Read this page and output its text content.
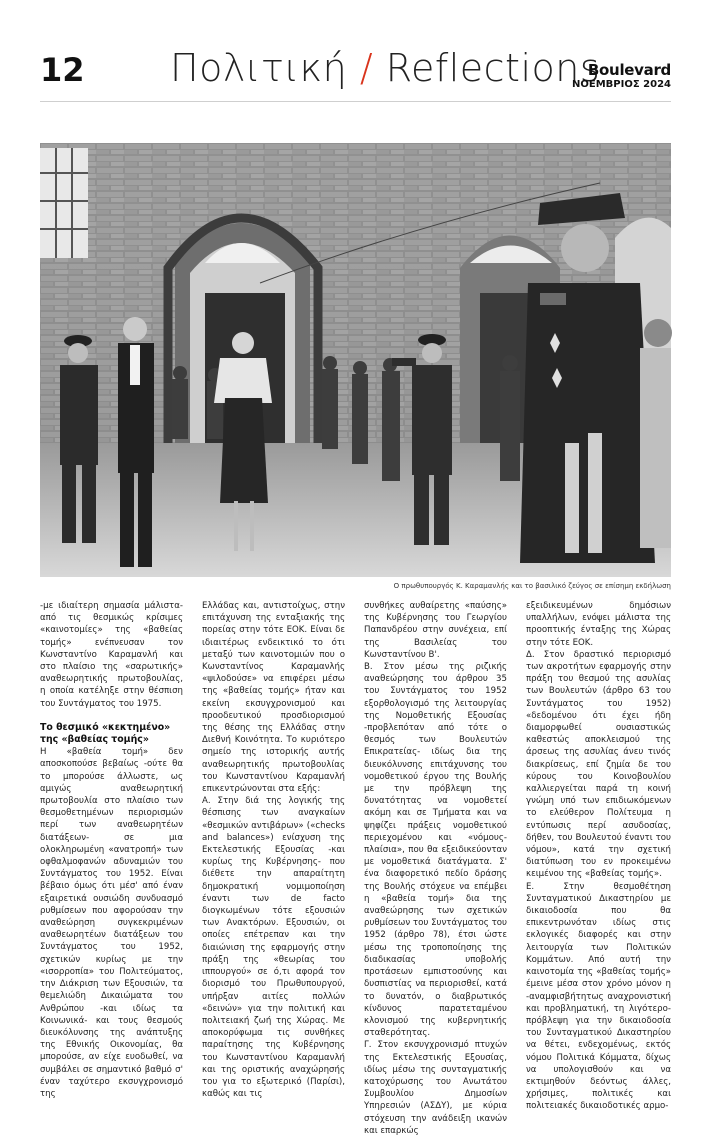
12 Πολιτική / Reflections
Boulevard
ΝΟΕΜΒΡΙΟΣ 2024
Ο πρωθυπουργός Κ. Καραμανλής και το βασιλικό ζεύγος σε επίσημη εκδήλωση

-με ιδιαίτερη σημασία μάλιστα- από τις θεσμικώς κρίσιμες «καινοτομίες» της «βαθείας τομής» ενέπνευσαν τον Κωνσταντίνο Καραμανλή και στο πλαίσιο της «σαρωτικής» αναθεωρητικής πρωτοβουλίας, η οποία κατέληξε στην θέσπιση του Συντάγματος του 1975.

Το θεσμικό «κεκτημένο» της «βαθείας τομής»

Η «βαθεία τομή» δεν αποσκοπούσε βεβαίως -ούτε θα το μπορούσε άλλωστε, ως αμιγώς αναθεωρητική πρωτοβουλία στο πλαίσιο των θεσμοθετημένων περιορισμών περί των αναθεωρητέων διατάξεων- σε μια ολοκληρωμένη «ανατροπή» των οφθαλμοφανών αδυναμιών του Συντάγματος του 1952. Είναι βέβαιο όμως ότι μέσ' από έναν εξαιρετικά ουσιώδη συνδυασμό ρυθμίσεων που αφορούσαν την αναθεώρηση συγκεκριμένων αναθεωρητέων διατάξεων του Συντάγματος του 1952, σχετικών κυρίως με την «ισορροπία» του Πολιτεύματος, την Διάκριση των Εξουσιών, τα θεμελιώδη Δικαιώματα του Ανθρώπου -και ιδίως τα Κοινωνικά- και τους θεσμούς διευκόλυνσης της ανάπτυξης της Εθνικής Οικονομίας, θα μπορούσε, αν είχε ευοδωθεί, να συμβάλει σε σημαντικό βαθμό σ' έναν ταχύτερο εκσυγχρονισμό της

Ελλάδας και, αντιστοίχως, στην επιτάχυνση της ενταξιακής της πορείας στην τότε ΕΟΚ. Είναι δε ιδιαιτέρως ενδεικτικό το ότι μεταξύ των καινοτομιών που ο Κωνσταντίνος Καραμανλής «ψιλοδούσε» να επιφέρει μέσω της «βαθείας τομής» ήταν και εκείνη εκσυγχρονισμού και προοδευτικού προσδιορισμού της θέσης της Ελλάδας στην Διεθνή Κοινότητα. Το κυριότερο σημείο της ιστορικής αυτής αναθεωρητικής πρωτοβουλίας του Κωνσταντίνου Καραμανλή επικεντρώνονται στα εξής:

Α. Στην διά της λογικής της θέσπισης των αναγκαίων «θεσμικών αντιβάρων» («checks and balances») ενίσχυση της Εκτελεστικής Εξουσίας -και κυρίως της Κυβέρνησης- που διέθετε την απαραίτητη δημοκρατική νομιμοποίηση έναντι των de facto διογκωμένων τότε εξουσιών των Ανακτόρων. Εξουσιών, οι οποίες επέτρεπαν και την διαιώνιση της εφαρμογής στην πράξη της «θεωρίας του ιππουργού» σε ό,τι αφορά τον διορισμό του Πρωθυπουργού, υπήρξαν αιτίες πολλών «δεινών» για την πολιτική και πολιτειακή ζωή της Χώρας. Με αποκορύφωμα τις συνθήκες παραίτησης της Κυβέρνησης του Κωνσταντίνου Καραμανλή και της οριστικής αναχώρησής του για το εξωτερικό (Παρίσι), καθώς και τις

συνθήκες αυθαίρετης «παύσης» της Κυβέρνησης του Γεωργίου Παπανδρέου στην συνέχεια, επί της Βασιλείας του Κωνσταντίνου Β'.

Β. Στον μέσω της ριζικής αναθεώρησης του άρθρου 35 του Συντάγματος του 1952 εξορθολογισμό της λειτουργίας της Νομοθετικής Εξουσίας -προβλεπόταν από τότε ο θεσμός των Βουλευτών Επικρατείας- ιδίως δια της διευκόλυνσης επιτάχυνσης του νομοθετικού έργου της Βουλής με την πρόβλεψη της δυνατότητας να νομοθετεί ακόμη και σε Τμήματα και να ψηφίζει πράξεις νομοθετικού περιεχομένου και «νόμους-πλαίσια», που θα εξειδικεύονταν με νομοθετικά διατάγματα. Σ' ένα διαφορετικό πεδίο δράσης της Βουλής στόχευε να επέμβει η «βαθεία τομή» δια της αναθεώρησης των σχετικών ρυθμίσεων του Συντάγματος του 1952 (άρθρο 78), έτσι ώστε μέσω της τροποποίησης της διαδικασίας υποβολής προτάσεων εμπιστοσύνης και δυσπιστίας να περιορισθεί, κατά το δυνατόν, ο διαβρωτικός κίνδυνος παρατεταμένου κλονισμού της κυβερνητικής σταθερότητας.

Γ. Στον εκσυγχρονισμό πτυχών της Εκτελεστικής Εξουσίας, ιδίως μέσω της συνταγματικής κατοχύρωσης του Ανωτάτου Συμβουλίου Δημοσίων Υπηρεσιών (ΑΣΔΥ), με κύρια στόχευση την ανάδειξη ικανών και επαρκώς

εξειδικευμένων δημόσιων υπαλλήλων, ενόψει μάλιστα της προοπτικής ένταξης της Χώρας στην τότε ΕΟΚ.

Δ. Στον δραστικό περιορισμό των ακροτήτων εφαρμογής στην πράξη του θεσμού της ασυλίας των Βουλευτών (άρθρο 63 του Συντάγματος του 1952) «δεδομένου ότι έχει ήδη διαμορφωθεί ουσιαστικώς καθεστώς αποκλεισμού της άρσεως της ασυλίας άνευ τινός διακρίσεως, επί ζημία δε του κύρους του Κοινοβουλίου καλλιεργείται παρά τη κοινή γνώμη υπό των επιδιωκόμενων το ελεύθερον Πολίτευμα η εντύπωσις περί ασυδοσίας, δήθεν, του Βουλευτού έναντι του νόμου», κατά την σχετική διατύπωση του εν προκειμένω κειμένου της «βαθείας τομής».

Ε. Στην θεσμοθέτηση Συνταγματικού Δικαστηρίου με δικαιοδοσία που θα επικεντρωνόταν ιδίως στις εκλογικές διαφορές και στην λειτουργία των Πολιτικών Κομμάτων. Από αυτή την καινοτομία της «βαθείας τομής» έμεινε μέσα στον χρόνο μόνον η -αναμφισβήτητως αναχρονιστική και προβληματική, τη λιγότερο- πρόβλεψη για την δικαιοδοσία του Συνταγματικού Δικαστηρίου να θέτει, ενδεχομένως, εκτός νόμου Πολιτικά Κόμματα, δίχως να υπολογισθούν και να εκτιμηθούν δεόντως άλλες, χρήσιμες, πολιτικές και πολιτειακές δικαιοδοτικές αρμο-
